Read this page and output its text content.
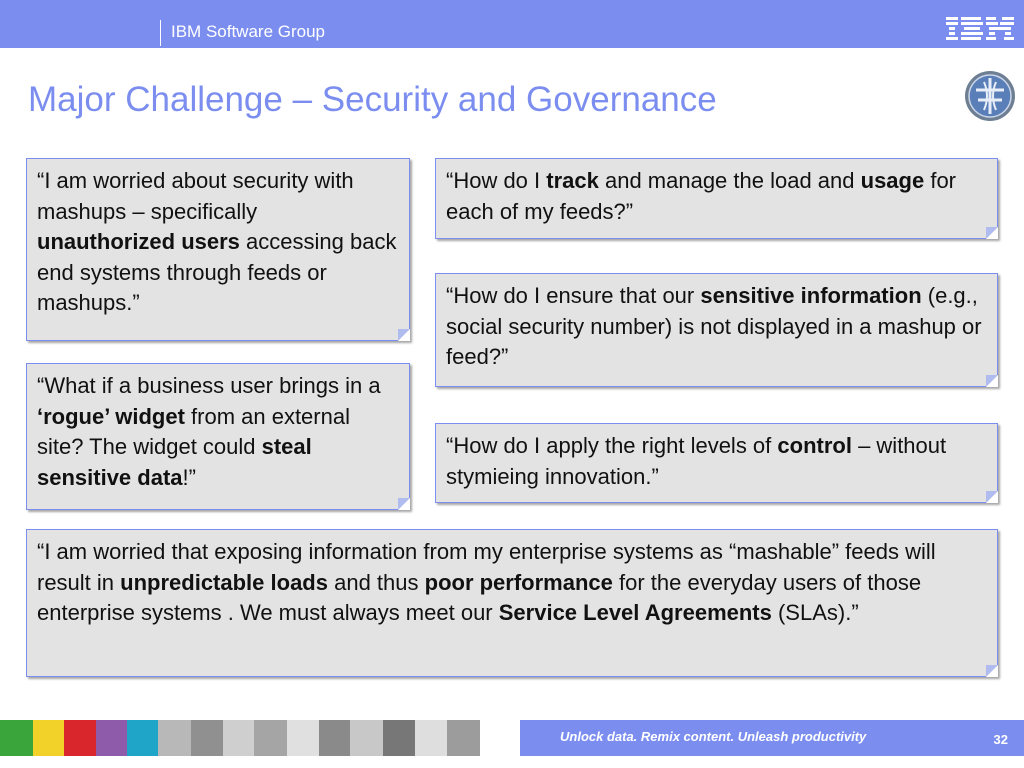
IBM Software Group
Major Challenge – Security and Governance
“I am worried about security with mashups – specifically unauthorized users accessing back end systems through feeds or mashups.”
“How do I track and manage the load and usage for each of my feeds?”
“How do I ensure that our sensitive information (e.g., social security number) is not displayed in a mashup or feed?”
“What if a business user brings in a ‘rogue’ widget from an external site? The widget could steal sensitive data!”
“How do I apply the right levels of control – without stymieing innovation.”
“I am worried that exposing information from my enterprise systems as “mashable” feeds will result in unpredictable loads and thus poor performance for the everyday users of those enterprise systems . We must always meet our Service Level Agreements (SLAs).”
Unlock data. Remix content. Unleash productivity	32
